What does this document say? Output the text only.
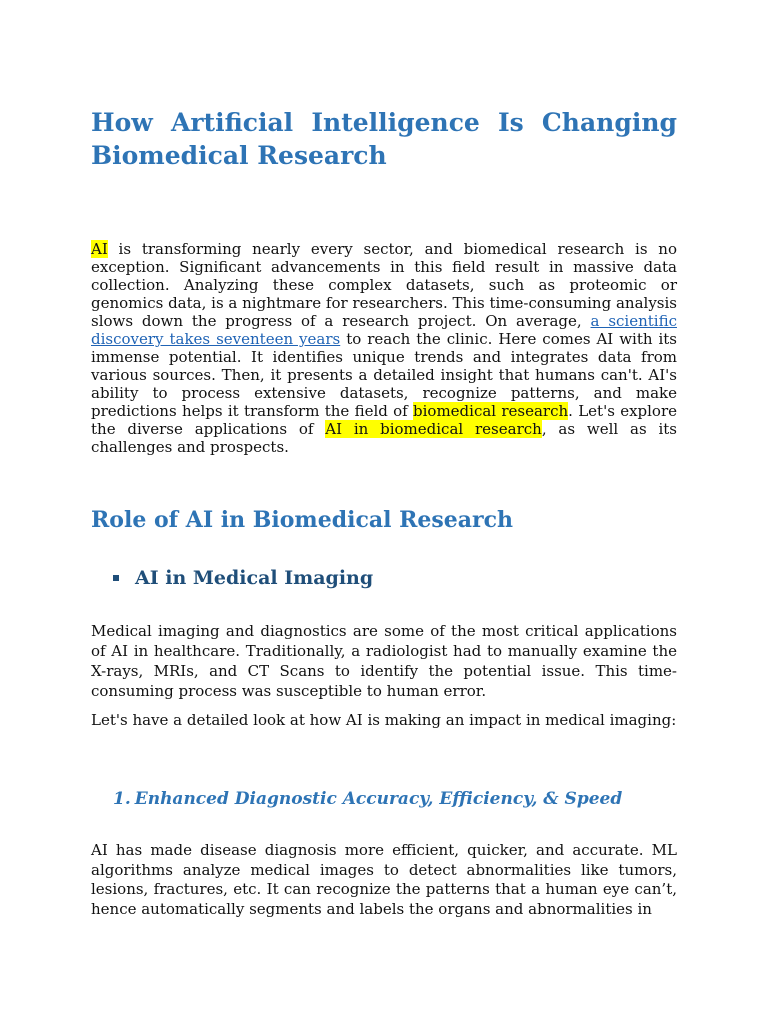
How Artificial Intelligence Is Changing Biomedical Research

AI is transforming nearly every sector, and biomedical research is no exception. Significant advancements in this field result in massive data collection. Analyzing these complex datasets, such as proteomic or genomics data, is a nightmare for researchers. This time-consuming analysis slows down the progress of a research project. On average, a scientific discovery takes seventeen years to reach the clinic. Here comes AI with its immense potential. It identifies unique trends and integrates data from various sources. Then, it presents a detailed insight that humans can't. AI's ability to process extensive datasets, recognize patterns, and make predictions helps it transform the field of biomedical research. Let's explore the diverse applications of AI in biomedical research, as well as its challenges and prospects.

Role of AI in Biomedical Research
AI in Medical Imaging

Medical imaging and diagnostics are some of the most critical applications of AI in healthcare. Traditionally, a radiologist had to manually examine the X-rays, MRIs, and CT Scans to identify the potential issue. This time-consuming process was susceptible to human error.

Let's have a detailed look at how AI is making an impact in medical imaging:

1. Enhanced Diagnostic Accuracy, Efficiency, & Speed

AI has made disease diagnosis more efficient, quicker, and accurate. ML algorithms analyze medical images to detect abnormalities like tumors, lesions, fractures, etc. It can recognize the patterns that a human eye can’t, hence automatically segments and labels the organs and abnormalities in
